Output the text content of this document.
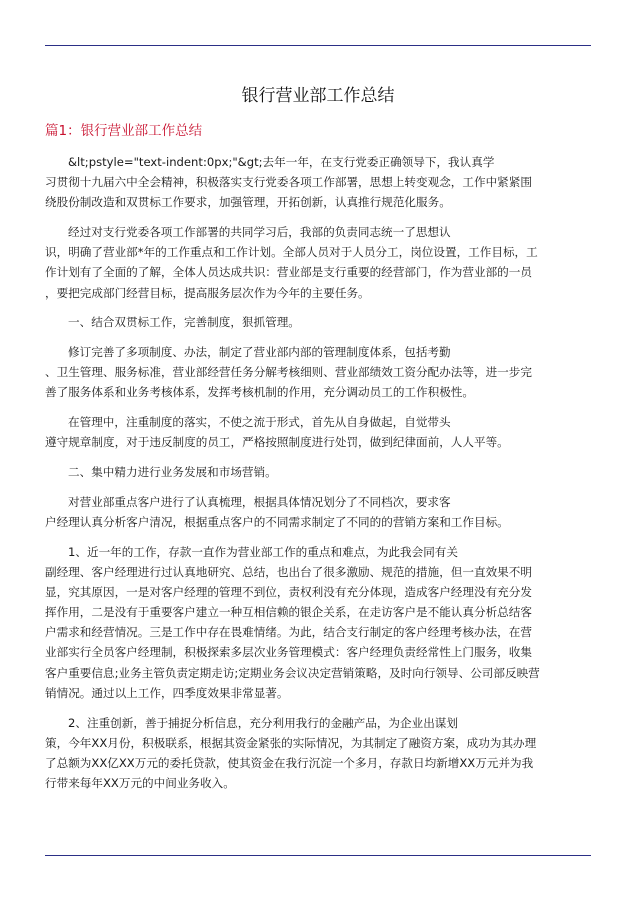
银行营业部工作总结
篇1：银行营业部工作总结

&lt;pstyle="text-indent:0px;"&gt;去年一年，在支行党委正确领导下，我认真学
习贯彻十九届六中全会精神，积极落实支行党委各项工作部署，思想上转变观念，工作中紧紧围
绕股份制改造和双贯标工作要求，加强管理，开拓创新，认真推行规范化服务。

经过对支行党委各项工作部署的共同学习后，我部的负责同志统一了思想认
识，明确了营业部*年的工作重点和工作计划。全部人员对于人员分工，岗位设置，工作目标，工
作计划有了全面的了解，全体人员达成共识：营业部是支行重要的经营部门，作为营业部的一员
，要把完成部门经营目标，提高服务层次作为今年的主要任务。

一、结合双贯标工作，完善制度，狠抓管理。

修订完善了多项制度、办法，制定了营业部内部的管理制度体系，包括考勤
、卫生管理、服务标准，营业部经营任务分解考核细则、营业部绩效工资分配办法等，进一步完
善了服务体系和业务考核体系，发挥考核机制的作用，充分调动员工的工作积极性。

在管理中，注重制度的落实，不使之流于形式，首先从自身做起，自觉带头
遵守规章制度，对于违反制度的员工，严格按照制度进行处罚，做到纪律面前，人人平等。

二、集中精力进行业务发展和市场营销。

对营业部重点客户进行了认真梳理，根据具体情况划分了不同档次，要求客
户经理认真分析客户清况，根据重点客户的不同需求制定了不同的的营销方案和工作目标。

1、近一年的工作，存款一直作为营业部工作的重点和难点，为此我会同有关
副经理、客户经理进行过认真地研究、总结，也出台了很多激励、规范的措施，但一直效果不明
显，究其原因，一是对客户经理的管理不到位，责权利没有充分体现，造成客户经理没有充分发
挥作用，二是没有于重要客户建立一种互相信赖的银企关系，在走访客户是不能认真分析总结客
户需求和经营情况。三是工作中存在畏难情绪。为此，结合支行制定的客户经理考核办法，在营
业部实行全员客户经理制，积极探索多层次业务管理模式：客户经理负责经常性上门服务，收集
客户重要信息;业务主管负责定期走访;定期业务会议决定营销策略，及时向行领导、公司部反映营
销情况。通过以上工作，四季度效果非常显著。

2、注重创新，善于捕捉分析信息，充分利用我行的金融产品，为企业出谋划
策，今年XX月份，积极联系，根据其资金紧张的实际情况，为其制定了融资方案，成功为其办理
了总额为XX亿XX万元的委托贷款，使其资金在我行沉淀一个多月，存款日均新增XX万元并为我
行带来每年XX万元的中间业务收入。
